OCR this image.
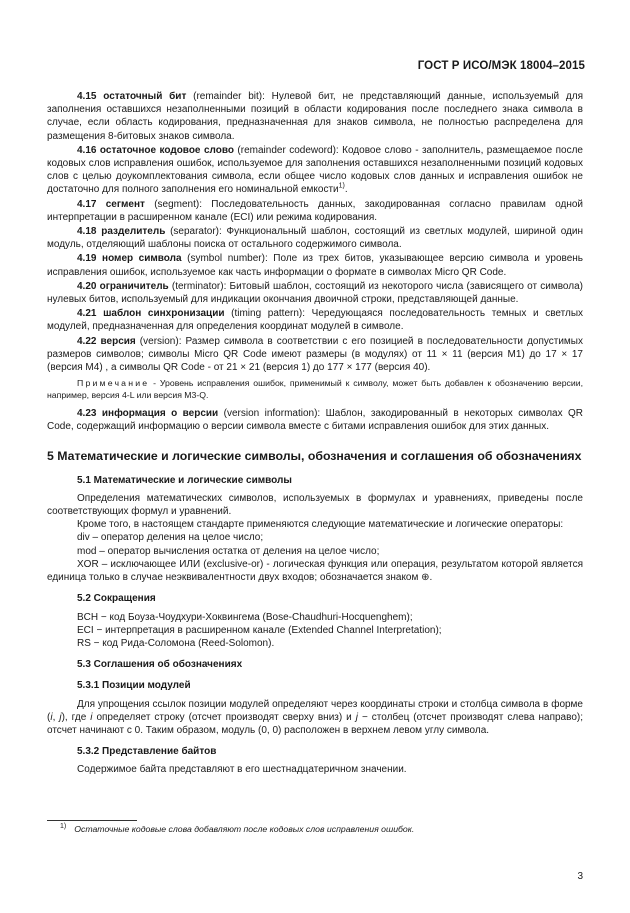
ГОСТ Р ИСО/МЭК 18004–2015

4.15 остаточный бит (remainder bit): Нулевой бит, не представляющий данные, используемый для заполнения оставшихся незаполненными позиций в области кодирования после последнего знака символа в случае, если область кодирования, предназначенная для знаков символа, не полностью распределена для размещения 8-битовых знаков символа.

4.16 остаточное кодовое слово (remainder codeword): Кодовое слово - заполнитель, размещаемое после кодовых слов исправления ошибок, используемое для заполнения оставшихся незаполненными позиций кодовых слов с целью доукомплектования символа, если общее число кодовых слов данных и исправления ошибок не достаточно для полного заполнения его номинальной емкости$^{1)}$.

4.17 сегмент (segment): Последовательность данных, закодированная согласно правилам одной интерпретации в расширенном канале (ECI) или режима кодирования.

4.18 разделитель (separator): Функциональный шаблон, состоящий из светлых модулей, шириной один модуль, отделяющий шаблоны поиска от остального содержимого символа.

4.19 номер символа (symbol number): Поле из трех битов, указывающее версию символа и уровень исправления ошибок, используемое как часть информации о формате в символах Micro QR Code.

4.20 ограничитель (terminator): Битовый шаблон, состоящий из некоторого числа (зависящего от символа) нулевых битов, используемый для индикации окончания двоичной строки, представляющей данные.

4.21 шаблон синхронизации (timing pattern): Чередующаяся последовательность темных и светлых модулей, предназначенная для определения координат модулей в символе.

4.22 версия (version): Размер символа в соответствии с его позицией в последовательности допустимых размеров символов; символы Micro QR Code имеют размеры (в модулях) от 11 × 11 (версия M1) до 17 × 17 (версия M4) , а символы QR Code - от 21 × 21 (версия 1) до 177 × 177 (версия 40).

Примечание - Уровень исправления ошибок, применимый к символу, может быть добавлен к обозначению версии, например, версия 4-L или версия M3-Q.

4.23 информация о версии (version information): Шаблон, закодированный в некоторых символах QR Code, содержащий информацию о версии символа вместе с битами исправления ошибок для этих данных.

5 Математические и логические символы, обозначения и соглашения об обозначениях
5.1 Математические и логические символы

Определения математических символов, используемых в формулах и уравнениях, приведены после соответствующих формул и уравнений.

Кроме того, в настоящем стандарте применяются следующие математические и логические операторы:

div – оператор деления на целое число;

mod – оператор вычисления остатка от деления на целое число;

XOR – исключающее ИЛИ (exclusive-or) - логическая функция или операция, результатом которой является единица только в случае неэквивалентности двух входов; обозначается знаком ⊕.

5.2 Сокращения

BCH − код Боуза-Чоудхури-Хоквингема (Bose-Chaudhuri-Hocquenghem);

ECI − интерпретация в расширенном канале (Extended Channel Interpretation);

RS − код Рида-Соломона (Reed-Solomon).

5.3 Соглашения об обозначениях
5.3.1 Позиции модулей

Для упрощения ссылок позиции модулей определяют через координаты строки и столбца символа в форме (i, j), где i определяет строку (отсчет производят сверху вниз) и j − столбец (отсчет производят слева направо); отсчет начинают с 0. Таким образом, модуль (0, 0) расположен в верхнем левом углу символа.

5.3.2 Представление байтов

Содержимое байта представляют в его шестнадцатеричном значении.

$^{1)}$ Остаточные кодовые слова добавляют после кодовых слов исправления ошибок.
3
